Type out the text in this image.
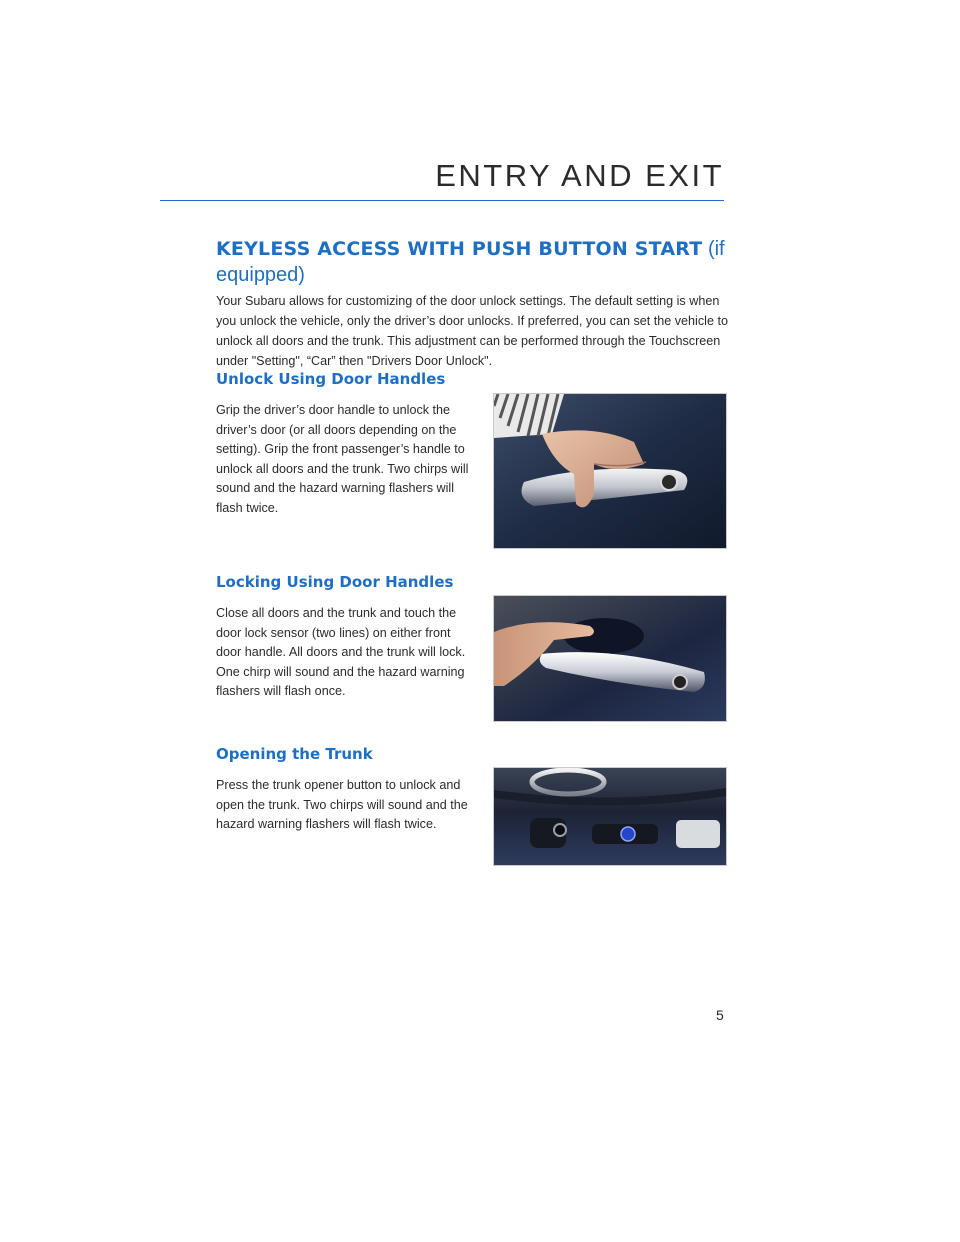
ENTRY AND EXIT
KEYLESS ACCESS WITH PUSH BUTTON START (if equipped)

Your Subaru allows for customizing of the door unlock settings. The default setting is when you unlock the vehicle, only the driver’s door unlocks. If preferred, you can set the vehicle to unlock all doors and the trunk. This adjustment can be performed through the Touchscreen under "Setting", “Car” then "Drivers Door Unlock".

Unlock Using Door Handles

Grip the driver’s door handle to unlock the driver’s door (or all doors depending on the setting). Grip the front passenger’s handle to unlock all doors and the trunk. Two chirps will sound and the hazard warning flashers will flash twice.

Locking Using Door Handles

Close all doors and the trunk and touch the door lock sensor (two lines) on either front door handle. All doors and the trunk will lock. One chirp will sound and the hazard warning flashers will flash once.

Opening the Trunk

Press the trunk opener button to unlock and open the trunk. Two chirps will sound and the hazard warning flashers will flash twice.

5
